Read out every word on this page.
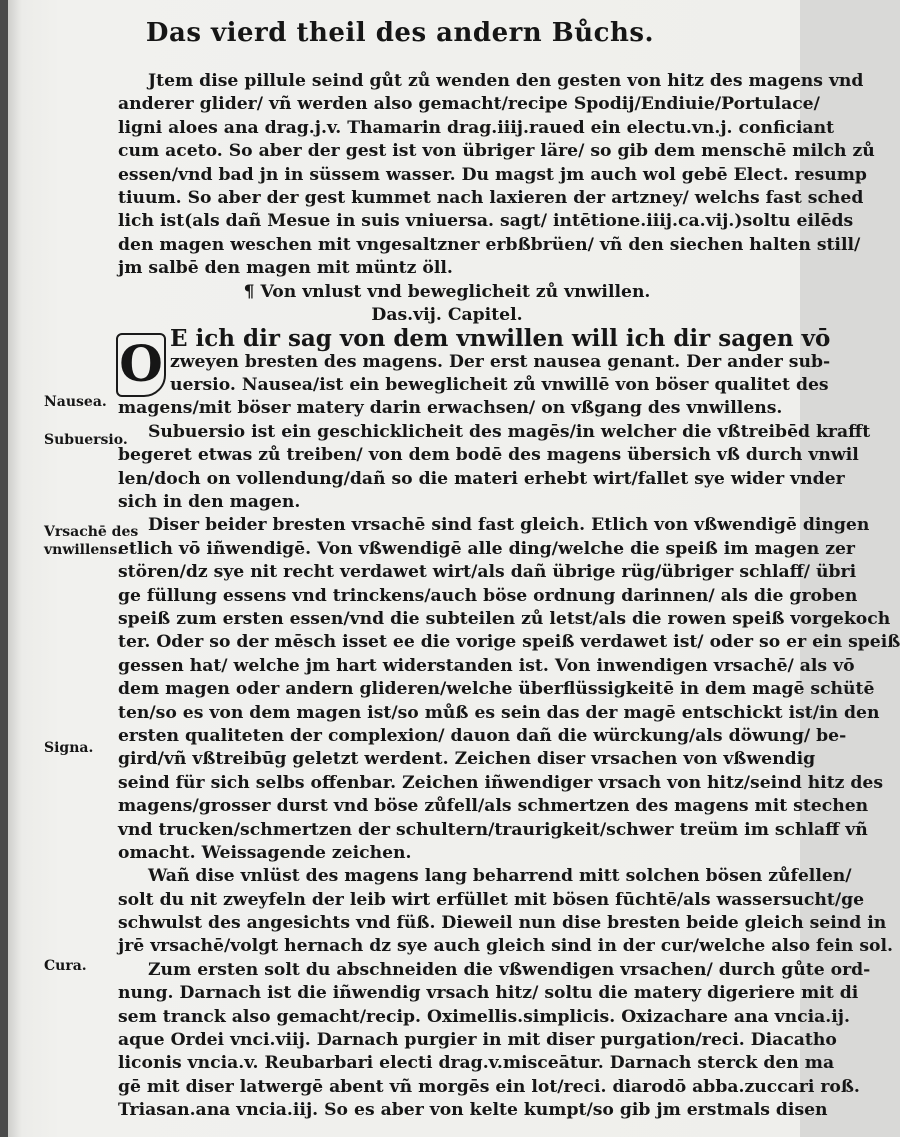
Das vierd theil des andern Bůchs.
O
Jtem dise pillule seind gůt zů wenden den gesten von hitz des magens vnd
anderer glider/ vñ werden also gemacht/recipe Spodij/Endiuie/Portulace/
ligni aloes ana drag.j.v. Thamarin drag.iiij.raued ein electu.vn.j. conficiant
cum aceto. So aber der gest ist von übriger läre/ so gib dem menschē milch zů
essen/vnd bad jn in süssem wasser. Du magst jm auch wol gebē Elect. resump
tiuum. So aber der gest kummet nach laxieren der artzney/ welchs fast sched
lich ist(als dañ Mesue in suis vniuersa. sagt/ intētione.iiij.ca.vij.)soltu eilēds
den magen weschen mit vngesaltzner erbßbrüen/ vñ den siechen halten still/
jm salbē den magen mit müntz öll.
¶ Von vnlust vnd beweglicheit zů vnwillen.
Das.vij. Capitel.
E ich dir sag von dem vnwillen will ich dir sagen vō
zweyen bresten des magens. Der erst nausea genant. Der ander sub-
uersio. Nausea/ist ein beweglicheit zů vnwillē von böser qualitet des
magens/mit böser matery darin erwachsen/ on vßgang des vnwillens.
Subuersio ist ein geschicklicheit des magēs/in welcher die vßtreibēd krafft
begeret etwas zů treiben/ von dem bodē des magens übersich vß durch vnwil
len/doch on vollendung/dañ so die materi erhebt wirt/fallet sye wider vnder
sich in den magen.
Diser beider bresten vrsachē sind fast gleich. Etlich von vßwendigē dingen
etlich vō iñwendigē. Von vßwendigē alle ding/welche die speiß im magen zer
stören/dz sye nit recht verdawet wirt/als dañ übrige rüg/übriger schlaff/ übri
ge füllung essens vnd trinckens/auch böse ordnung darinnen/ als die groben
speiß zum ersten essen/vnd die subteilen zů letst/als die rowen speiß vorgekoch
ter. Oder so der mēsch isset ee die vorige speiß verdawet ist/ oder so er ein speiß
gessen hat/ welche jm hart widerstanden ist. Von inwendigen vrsachē/ als vō
dem magen oder andern glideren/welche überflüssigkeitē in dem magē schütē
ten/so es von dem magen ist/so můß es sein das der magē entschickt ist/in den
ersten qualiteten der complexion/ dauon dañ die würckung/als döwung/ be-
gird/vñ vßtreibūg geletzt werdent. Zeichen diser vrsachen von vßwendig
seind für sich selbs offenbar. Zeichen iñwendiger vrsach von hitz/seind hitz des
magens/grosser durst vnd böse zůfell/als schmertzen des magens mit stechen
vnd trucken/schmertzen der schultern/traurigkeit/schwer treüm im schlaff vñ
omacht. Weissagende zeichen.
Wañ dise vnlüst des magens lang beharrend mitt solchen bösen zůfellen/
solt du nit zweyfeln der leib wirt erfüllet mit bösen fūchtē/als wassersucht/ge
schwulst des angesichts vnd füß. Dieweil nun dise bresten beide gleich seind in
jrē vrsachē/volgt hernach dz sye auch gleich sind in der cur/welche also fein sol.
Zum ersten solt du abschneiden die vßwendigen vrsachen/ durch gůte ord-
nung. Darnach ist die iñwendig vrsach hitz/ soltu die matery digeriere mit di
sem tranck also gemacht/recip. Oximellis.simplicis. Oxizachare ana vncia.ij.
aque Ordei vnci.viij. Darnach purgier in mit diser purgation/reci. Diacatho
liconis vncia.v. Reubarbari electi drag.v.misceātur. Darnach sterck den ma
gē mit diser latwergē abent vñ morgēs ein lot/reci. diarodō abba.zuccari roß.
Triasan.ana vncia.iij. So es aber von kelte kumpt/so gib jm erstmals disen
Nausea.
Subuersio.
Vrsachē des
vnwillens.
Signa.
Cura.
